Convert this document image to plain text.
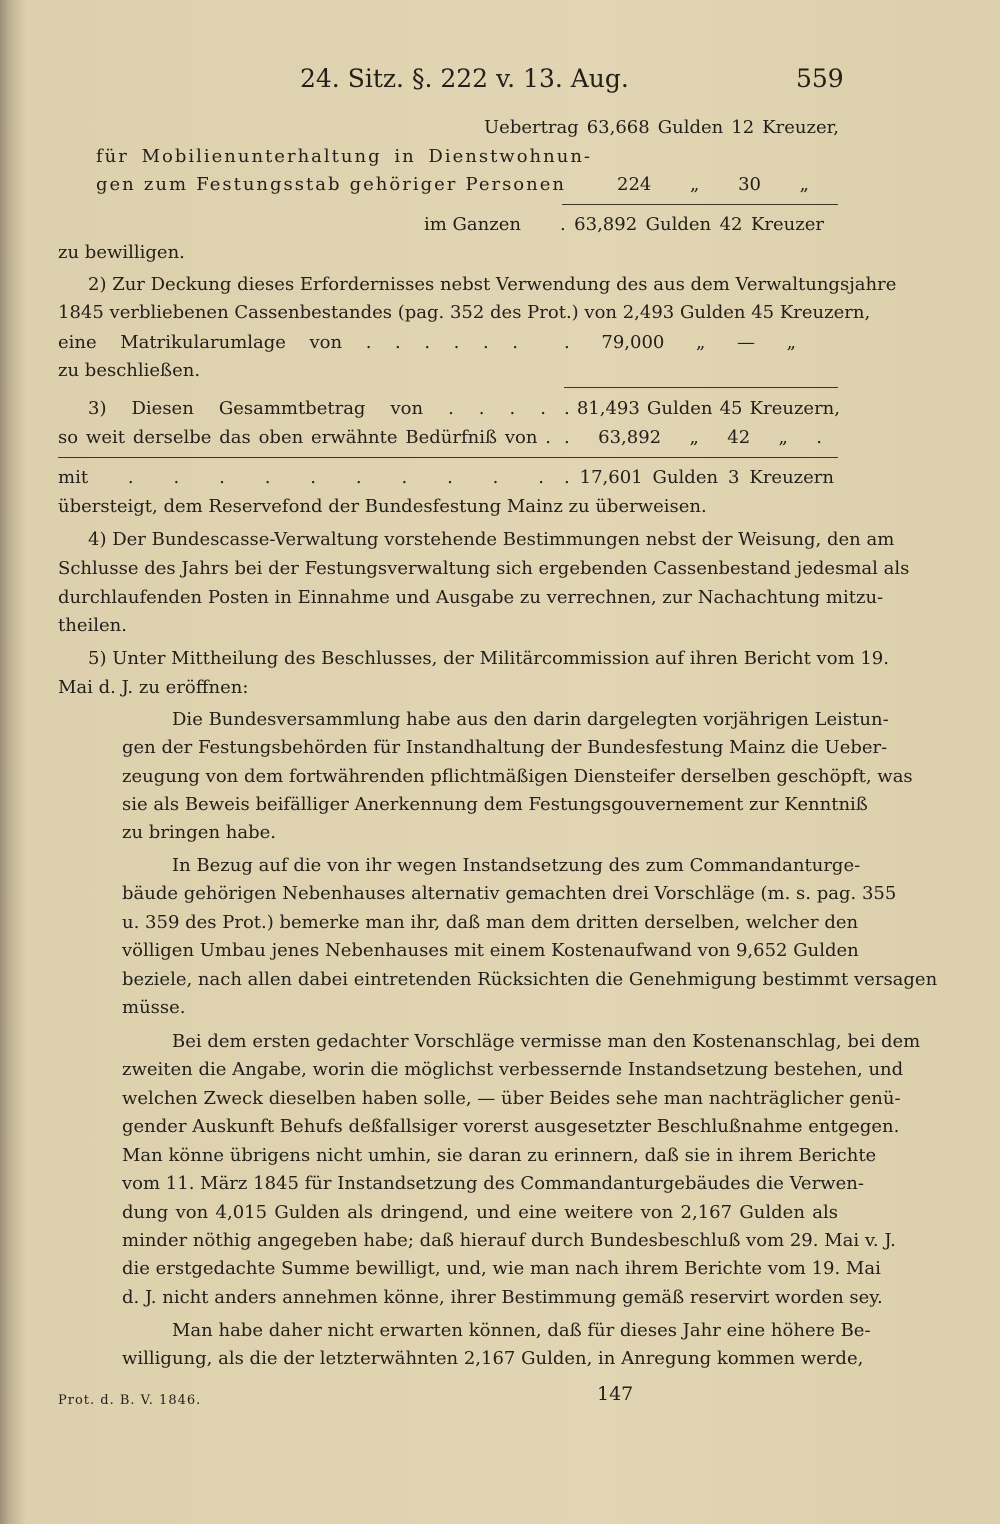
24. Sitz. §. 222 v. 13. Aug.	559
Uebertrag 63,668 Gulden 12 Kreuzer,
für Mobilienunterhaltung in Dienstwohnun-
gen zum Festungsstab gehöriger Personen	224 „ 30 „
im Ganzen . 63,892 Gulden 42 Kreuzer
zu bewilligen.
2) Zur Deckung dieses Erfordernisses nebst Verwendung des aus dem Verwaltungsjahre
1845 verbliebenen Cassenbestandes (pag. 352 des Prot.) von 2,493 Gulden 45 Kreuzern,
eine Matrikularumlage von . . . . . .	. 79,000 „ — „
zu beschließen.
3) Diesen Gesammtbetrag von . . . . . 81,493 Gulden 45 Kreuzern,
so weit derselbe das oben erwähnte Bedürfniß von . . 63,892 „ 42 „ .
mit . . . . . . . . . . . 17,601 Gulden 3 Kreuzern
übersteigt, dem Reservefond der Bundesfestung Mainz zu überweisen.
4) Der Bundescasse-Verwaltung vorstehende Bestimmungen nebst der Weisung, den am
Schlusse des Jahrs bei der Festungsverwaltung sich ergebenden Cassenbestand jedesmal als
durchlaufenden Posten in Einnahme und Ausgabe zu verrechnen, zur Nachachtung mitzu-
theilen.
5) Unter Mittheilung des Beschlusses, der Militärcommission auf ihren Bericht vom 19.
Mai d. J. zu eröffnen:
Die Bundesversammlung habe aus den darin dargelegten vorjährigen Leistun-
gen der Festungsbehörden für Instandhaltung der Bundesfestung Mainz die Ueber-
zeugung von dem fortwährenden pflichtmäßigen Diensteifer derselben geschöpft, was
sie als Beweis beifälliger Anerkennung dem Festungsgouvernement zur Kenntniß
zu bringen habe.
In Bezug auf die von ihr wegen Instandsetzung des zum Commandanturge-
bäude gehörigen Nebenhauses alternativ gemachten drei Vorschläge (m. s. pag. 355
u. 359 des Prot.) bemerke man ihr, daß man dem dritten derselben, welcher den
völligen Umbau jenes Nebenhauses mit einem Kostenaufwand von 9,652 Gulden
beziele, nach allen dabei eintretenden Rücksichten die Genehmigung bestimmt versagen
müsse.
Bei dem ersten gedachter Vorschläge vermisse man den Kostenanschlag, bei dem
zweiten die Angabe, worin die möglichst verbessernde Instandsetzung bestehen, und
welchen Zweck dieselben haben solle, — über Beides sehe man nachträglicher genü-
gender Auskunft Behufs deßfallsiger vorerst ausgesetzter Beschlußnahme entgegen.
Man könne übrigens nicht umhin, sie daran zu erinnern, daß sie in ihrem Berichte
vom 11. März 1845 für Instandsetzung des Commandanturgebäudes die Verwen-
dung von 4,015 Gulden als dringend, und eine weitere von 2,167 Gulden als
minder nöthig angegeben habe; daß hierauf durch Bundesbeschluß vom 29. Mai v. J.
die erstgedachte Summe bewilligt, und, wie man nach ihrem Berichte vom 19. Mai
d. J. nicht anders annehmen könne, ihrer Bestimmung gemäß reservirt worden sey.
Man habe daher nicht erwarten können, daß für dieses Jahr eine höhere Be-
willigung, als die der letzterwähnten 2,167 Gulden, in Anregung kommen werde,
Prot. d. B. V. 1846.	147
